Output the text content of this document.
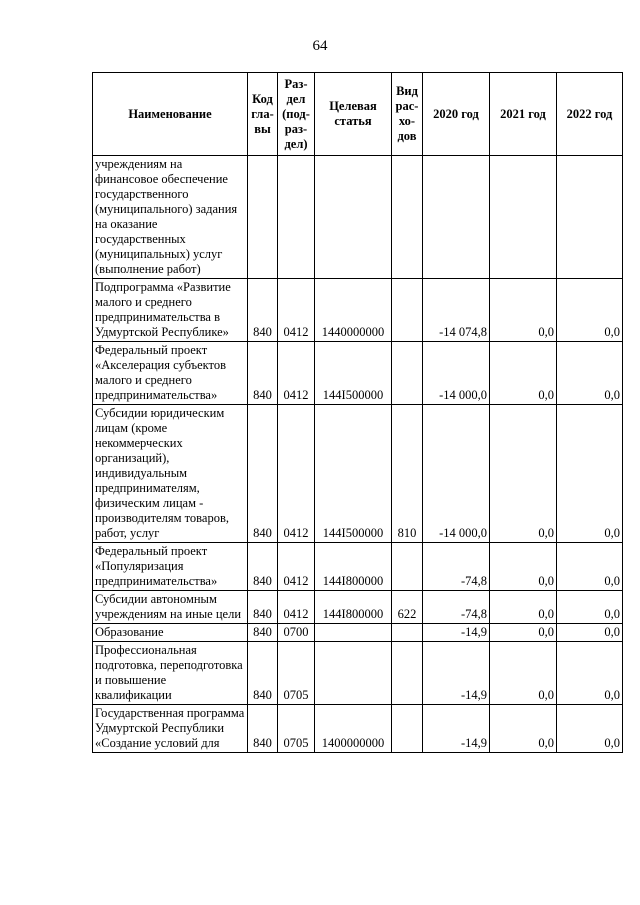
64
Наименование	Код гла- вы	Раз- дел (под- раз- дел)	Целевая статья	Вид рас- хо- дов	2020 год	2021 год	2022 год
учреждениям на финансовое обеспечение государственного (муниципального) задания на оказание государственных (муниципальных) услуг (выполнение работ)							
Подпрограмма «Развитие малого и среднего предпринимательства в Удмуртской Республике»	840	0412	1440000000		-14 074,8	0,0	0,0
Федеральный проект «Акселерация субъектов малого и среднего предпринимательства»	840	0412	144I500000		-14 000,0	0,0	0,0
Субсидии юридическим лицам (кроме некоммерческих организаций), индивидуальным предпринимателям, физическим лицам - производителям товаров, работ, услуг	840	0412	144I500000	810	-14 000,0	0,0	0,0
Федеральный проект «Популяризация предпринимательства»	840	0412	144I800000		-74,8	0,0	0,0
Субсидии автономным учреждениям на иные цели	840	0412	144I800000	622	-74,8	0,0	0,0
Образование	840	0700			-14,9	0,0	0,0
Профессиональная подготовка, переподготовка и повышение квалификации	840	0705			-14,9	0,0	0,0
Государственная программа Удмуртской Республики «Создание условий для	840	0705	1400000000		-14,9	0,0	0,0
